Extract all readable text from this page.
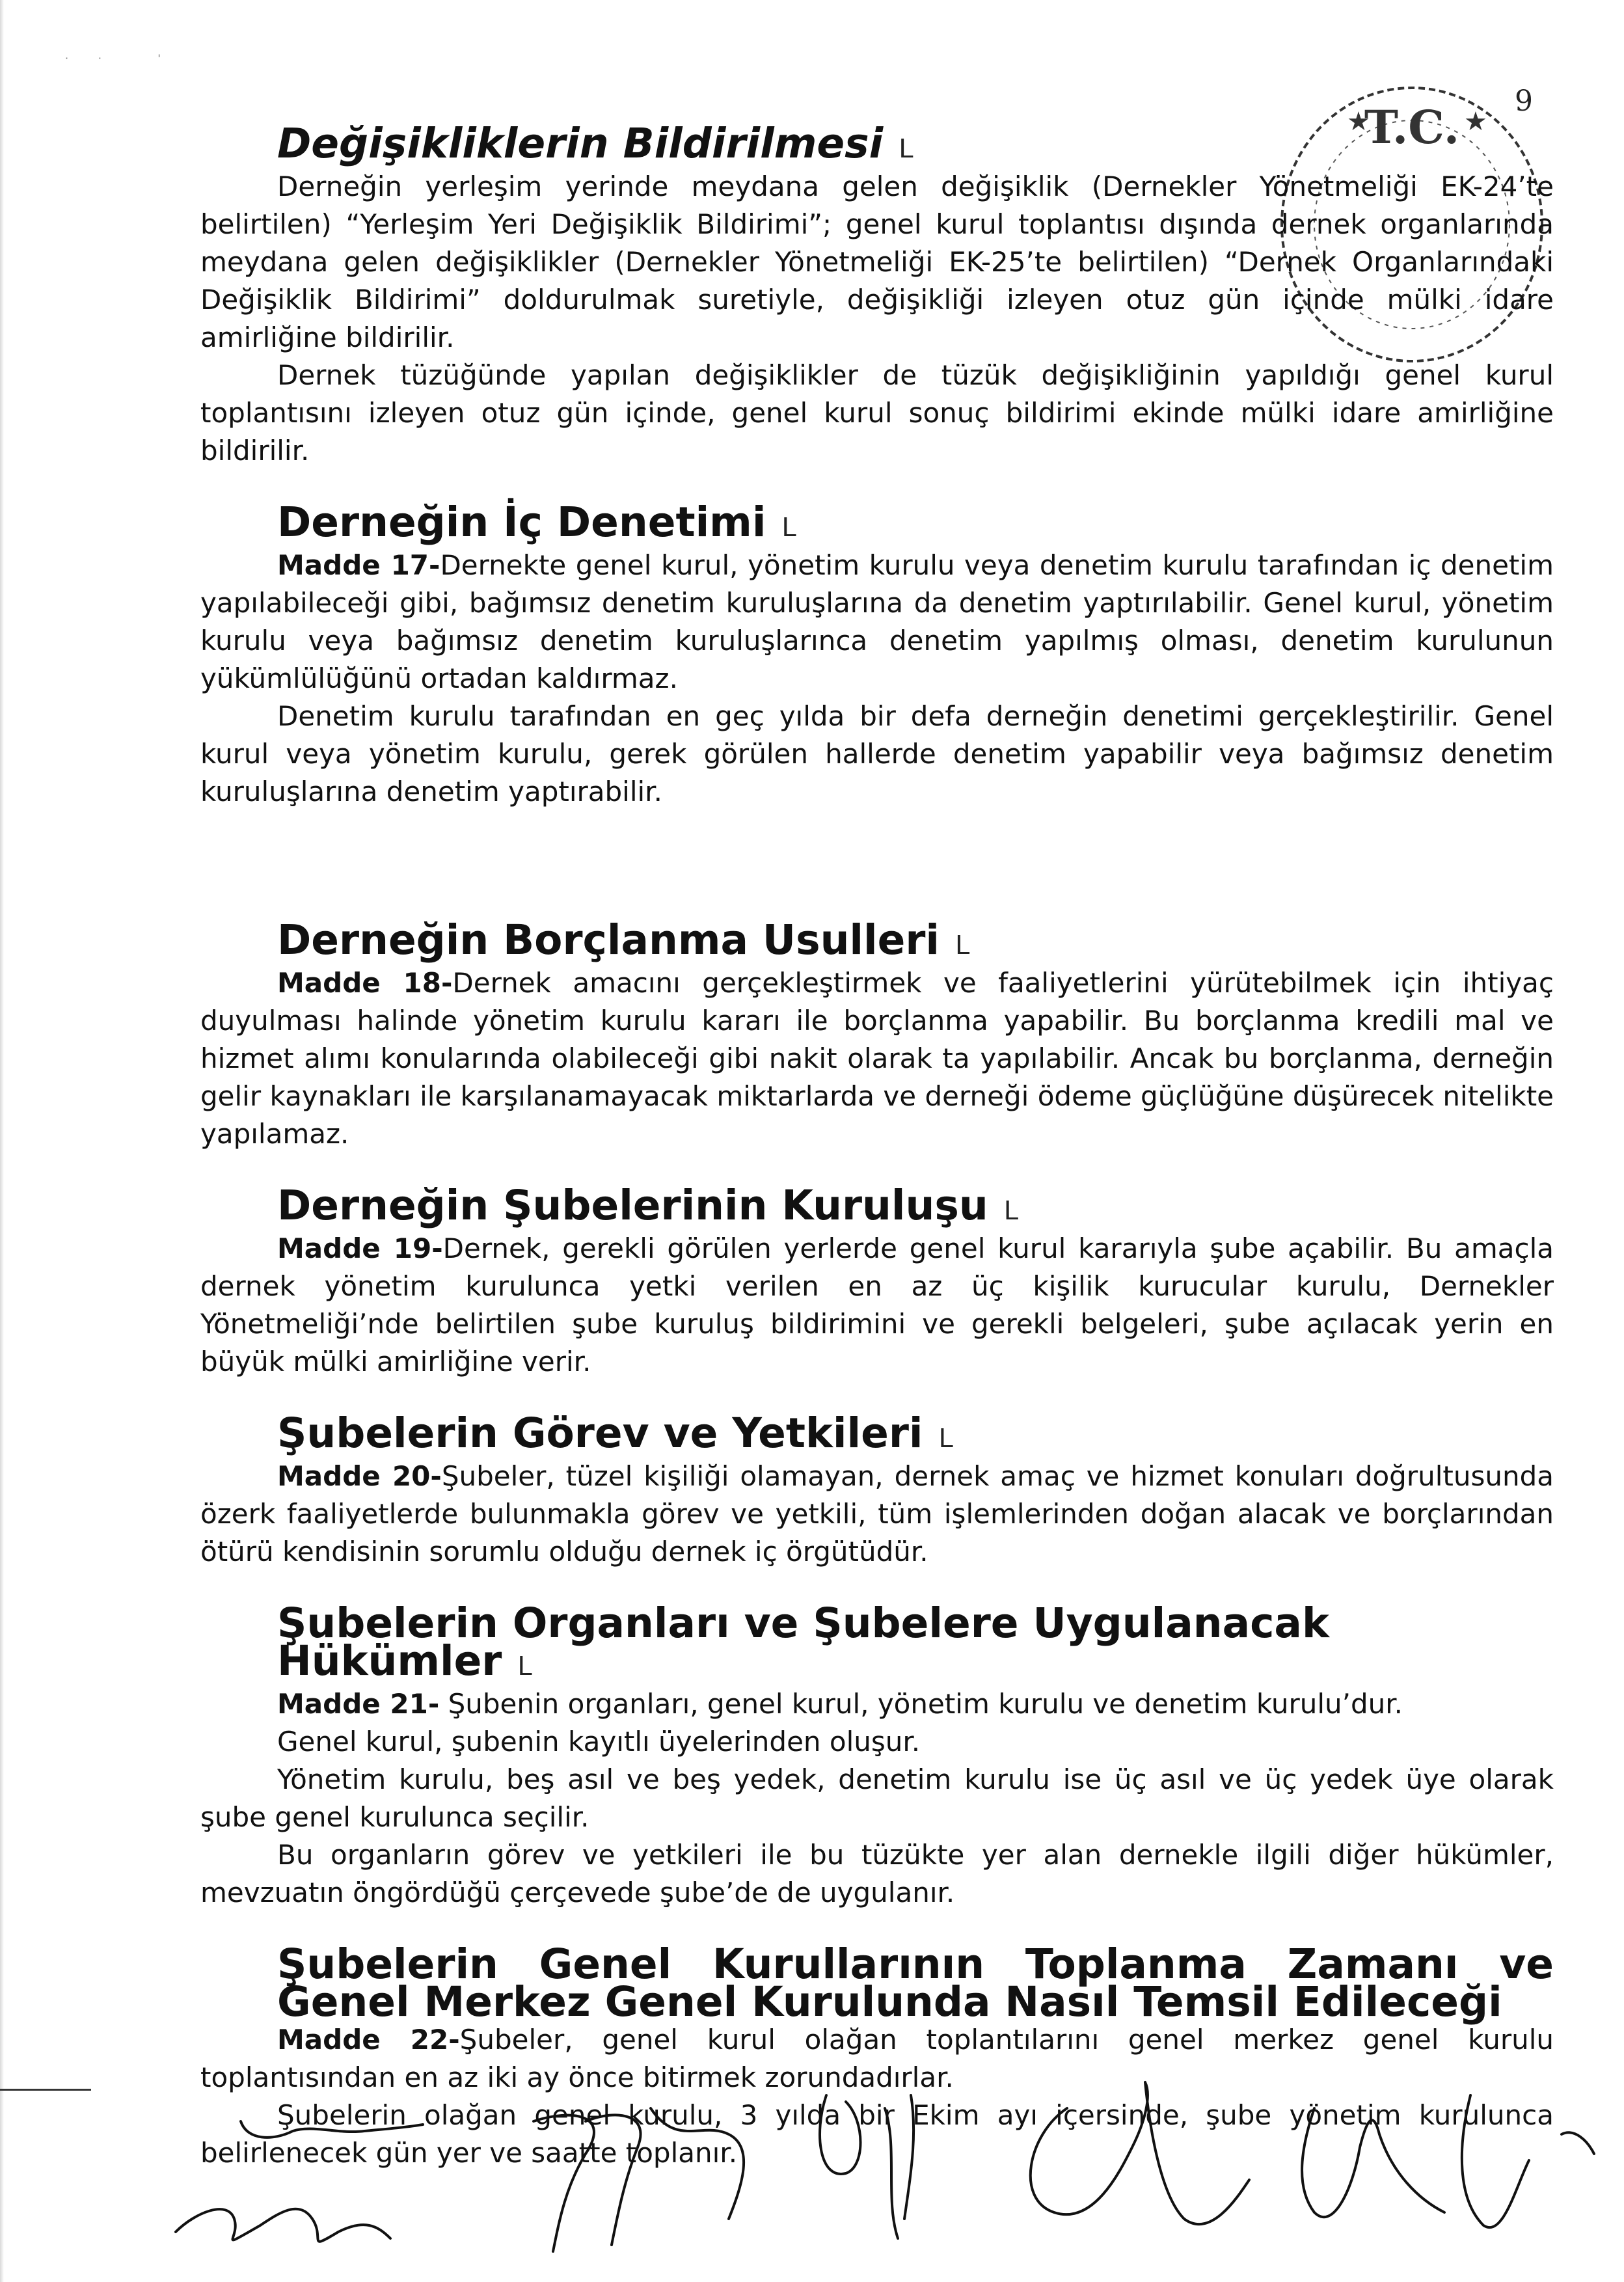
·         ·                 '
9
T.C.
★	★
Değişikliklerin Bildirilmesi ᒪ

Derneğin yerleşim yerinde meydana gelen değişiklik (Dernekler Yönetmeliği EK-24’te belirtilen) “Yerleşim Yeri Değişiklik Bildirimi”; genel kurul toplantısı dışında dernek organlarında meydana gelen değişiklikler (Dernekler Yönetmeliği EK-25’te belirtilen) “Dernek Organlarındaki Değişiklik Bildirimi” doldurulmak suretiyle, değişikliği izleyen otuz gün içinde mülki idare amirliğine bildirilir.

Dernek tüzüğünde yapılan değişiklikler de tüzük değişikliğinin yapıldığı genel kurul toplantısını izleyen otuz gün içinde, genel kurul sonuç bildirimi ekinde mülki idare amirliğine bildirilir.

Derneğin İç Denetimi ᒪ

Madde 17-Dernekte genel kurul, yönetim kurulu veya denetim kurulu tarafından iç denetim yapılabileceği gibi, bağımsız denetim kuruluşlarına da denetim yaptırılabilir. Genel kurul, yönetim kurulu veya bağımsız denetim kuruluşlarınca denetim yapılmış olması, denetim kurulunun yükümlülüğünü ortadan kaldırmaz.

Denetim kurulu tarafından en geç yılda bir defa derneğin denetimi gerçekleştirilir. Genel kurul veya yönetim kurulu, gerek görülen hallerde denetim yapabilir veya bağımsız denetim kuruluşlarına denetim yaptırabilir.

Derneğin Borçlanma Usulleri ᒪ

Madde 18-Dernek amacını gerçekleştirmek ve faaliyetlerini yürütebilmek için ihtiyaç duyulması halinde yönetim kurulu kararı ile borçlanma yapabilir. Bu borçlanma kredili mal ve hizmet alımı konularında olabileceği gibi nakit olarak ta yapılabilir. Ancak bu borçlanma, derneğin gelir kaynakları ile karşılanamayacak miktarlarda ve derneği ödeme güçlüğüne düşürecek nitelikte yapılamaz.

Derneğin Şubelerinin Kuruluşu ᒪ

Madde 19-Dernek, gerekli görülen yerlerde genel kurul kararıyla şube açabilir. Bu amaçla dernek yönetim kurulunca yetki verilen en az üç kişilik kurucular kurulu, Dernekler Yönetmeliği’nde belirtilen şube kuruluş bildirimini ve gerekli belgeleri, şube açılacak yerin en büyük mülki amirliğine verir.

Şubelerin Görev ve Yetkileri ᒪ

Madde 20-Şubeler, tüzel kişiliği olamayan, dernek amaç ve hizmet konuları doğrultusunda özerk faaliyetlerde bulunmakla görev ve yetkili, tüm işlemlerinden doğan alacak ve borçlarından ötürü kendisinin sorumlu olduğu dernek iç örgütüdür.

Şubelerin Organları ve Şubelere Uygulanacak Hükümler ᒪ

Madde 21- Şubenin organları, genel kurul, yönetim kurulu ve denetim kurulu’dur.

Genel kurul, şubenin kayıtlı üyelerinden oluşur.

Yönetim kurulu, beş asıl ve beş yedek, denetim kurulu ise üç asıl ve üç yedek üye olarak şube genel kurulunca seçilir.

Bu organların görev ve yetkileri ile bu tüzükte yer alan dernekle ilgili diğer hükümler, mevzuatın öngördüğü çerçevede şube’de de uygulanır.

Şubelerin Genel Kurullarının Toplanma Zamanı ve Genel Merkez Genel Kurulunda Nasıl Temsil Edileceği

Madde 22-Şubeler, genel kurul olağan toplantılarını genel merkez genel kurulu toplantısından en az iki ay önce bitirmek zorundadırlar.

Şubelerin olağan genel kurulu, 3 yılda bir Ekim ayı içersinde, şube yönetim kurulunca belirlenecek gün yer ve saatte toplanır.
